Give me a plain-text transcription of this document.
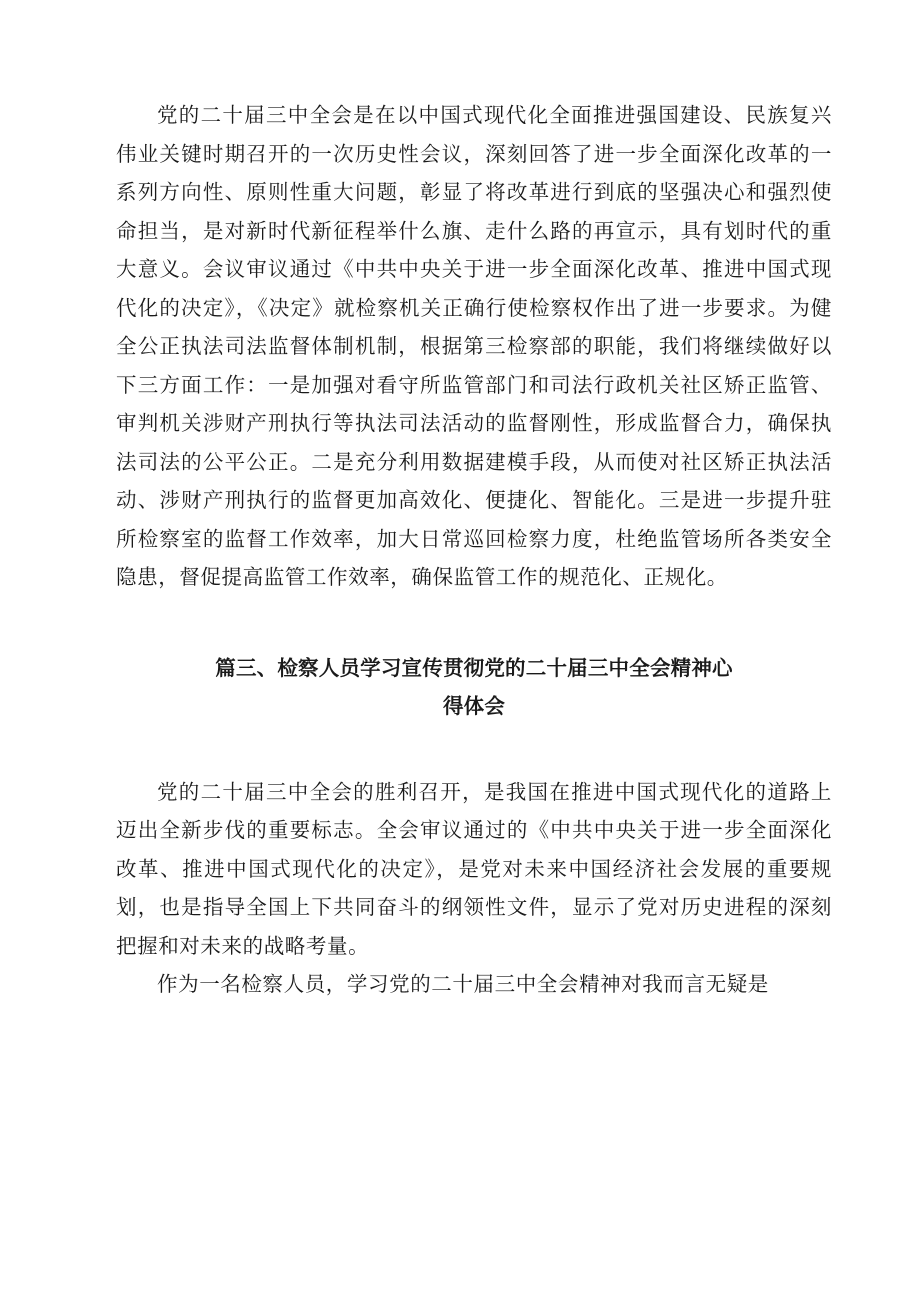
党的二十届三中全会是在以中国式现代化全面推进强国建设、民族复兴伟业关键时期召开的一次历史性会议，深刻回答了进一步全面深化改革的一系列方向性、原则性重大问题，彰显了将改革进行到底的坚强决心和强烈使命担当，是对新时代新征程举什么旗、走什么路的再宣示，具有划时代的重大意义。会议审议通过《中共中央关于进一步全面深化改革、推进中国式现代化的决定》，《决定》就检察机关正确行使检察权作出了进一步要求。为健全公正执法司法监督体制机制，根据第三检察部的职能，我们将继续做好以下三方面工作：一是加强对看守所监管部门和司法行政机关社区矫正监管、审判机关涉财产刑执行等执法司法活动的监督刚性，形成监督合力，确保执法司法的公平公正。二是充分利用数据建模手段，从而使对社区矫正执法活动、涉财产刑执行的监督更加高效化、便捷化、智能化。三是进一步提升驻所检察室的监督工作效率，加大日常巡回检察力度，杜绝监管场所各类安全隐患，督促提高监管工作效率，确保监管工作的规范化、正规化。

篇三、检察人员学习宣传贯彻党的二十届三中全会精神心
得体会

党的二十届三中全会的胜利召开，是我国在推进中国式现代化的道路上迈出全新步伐的重要标志。全会审议通过的《中共中央关于进一步全面深化改革、推进中国式现代化的决定》，是党对未来中国经济社会发展的重要规划，也是指导全国上下共同奋斗的纲领性文件，显示了党对历史进程的深刻把握和对未来的战略考量。

作为一名检察人员，学习党的二十届三中全会精神对我而言无疑是
